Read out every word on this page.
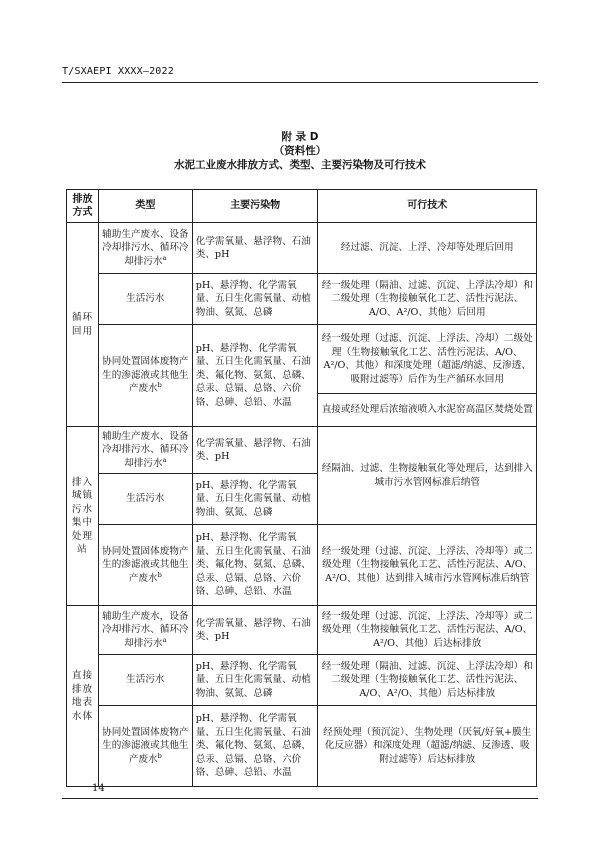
T/SXAEPI XXXX—2022
附 录 D
（资料性）
水泥工业废水排放方式、类型、主要污染物及可行技术
排放方式	类型	主要污染物	可行技术
循环回用	辅助生产废水、设备冷却排污水、循环冷却排污水$^a$	化学需氧量、悬浮物、石油类、pH	经过滤、沉淀、上浮、冷却等处理后回用
	生活污水	pH、悬浮物、化学需氧量、五日生化需氧量、动植物油、氨氮、总磷	经一级处理（隔油、过滤、沉淀、上浮法冷却）和二级处理（生物接触氧化工艺、活性污泥法、A/O、A²/O、其他）后回用
	协同处置固体废物产生的渗滤液或其他生产废水$^b$	pH、悬浮物、化学需氧量、五日生化需氧量、石油类、氟化物、氨氮、总磷、总汞、总镉、总铬、六价铬、总砷、总铅、水温	经一级处理（过滤、沉淀、上浮法、冷却）二级处理（生物接触氧化工艺、活性污泥法、A/O、A²/O、其他）和深度处理（超滤/纳滤、反渗透、吸附过滤等）后作为生产循环水回用
			直接或经处理后浓缩液喷入水泥窑高温区焚烧处置
排入城镇污水集中处理站	辅助生产废水、设备冷却排污水、循环冷却排污水$^a$	化学需氧量、悬浮物、石油类、pH	经隔油、过滤、生物接触氧化等处理后，达到排入城市污水管网标准后纳管
	生活污水	pH、悬浮物、化学需氧量、五日生化需氧量、动植物油、氨氮、总磷	
	协同处置固体废物产生的渗滤液或其他生产废水$^b$	pH、悬浮物、化学需氧量、五日生化需氧量、石油类、氟化物、氨氮、总磷、总汞、总镉、总铬、六价铬、总砷、总铅、水温	经一级处理（过滤、沉淀、上浮法、冷却等）或二级处理（生物接触氧化工艺、活性污泥法、A/O、A²/O、其他）达到排入城市污水管网标准后纳管
直接排放地表水体	辅助生产废水，设备冷却排污水、循环冷却排污水$^a$	化学需氧量、悬浮物、石油类、pH	经一级处理（过滤、沉淀、上浮法、冷却等）或二级处理（生物接触氧化工艺、活性污泥法、A/O、A²/O、其他）后达标排放
	生活污水	pH、悬浮物、化学需氧量、五日生化需氧量、动植物油、氨氮、总磷	经一级处理（隔油、过滤、沉淀、上浮法冷却）和二级处理（生物接触氧化工艺、活性污泥法、A/O、A²/O、其他）后达标排放
	协同处置固体废物产生的渗滤液或其他生产废水$^b$	pH、悬浮物、化学需氧量、五日生化需氧量、石油类、氟化物、氨氮、总磷、总汞、总镉、总铬、六价铬、总砷、总铅、水温	经预处理（预沉淀）、生物处理（厌氧/好氧+膜生化反应器）和深度处理（超滤/纳滤、反渗透、吸附过滤等）后达标排放
14
